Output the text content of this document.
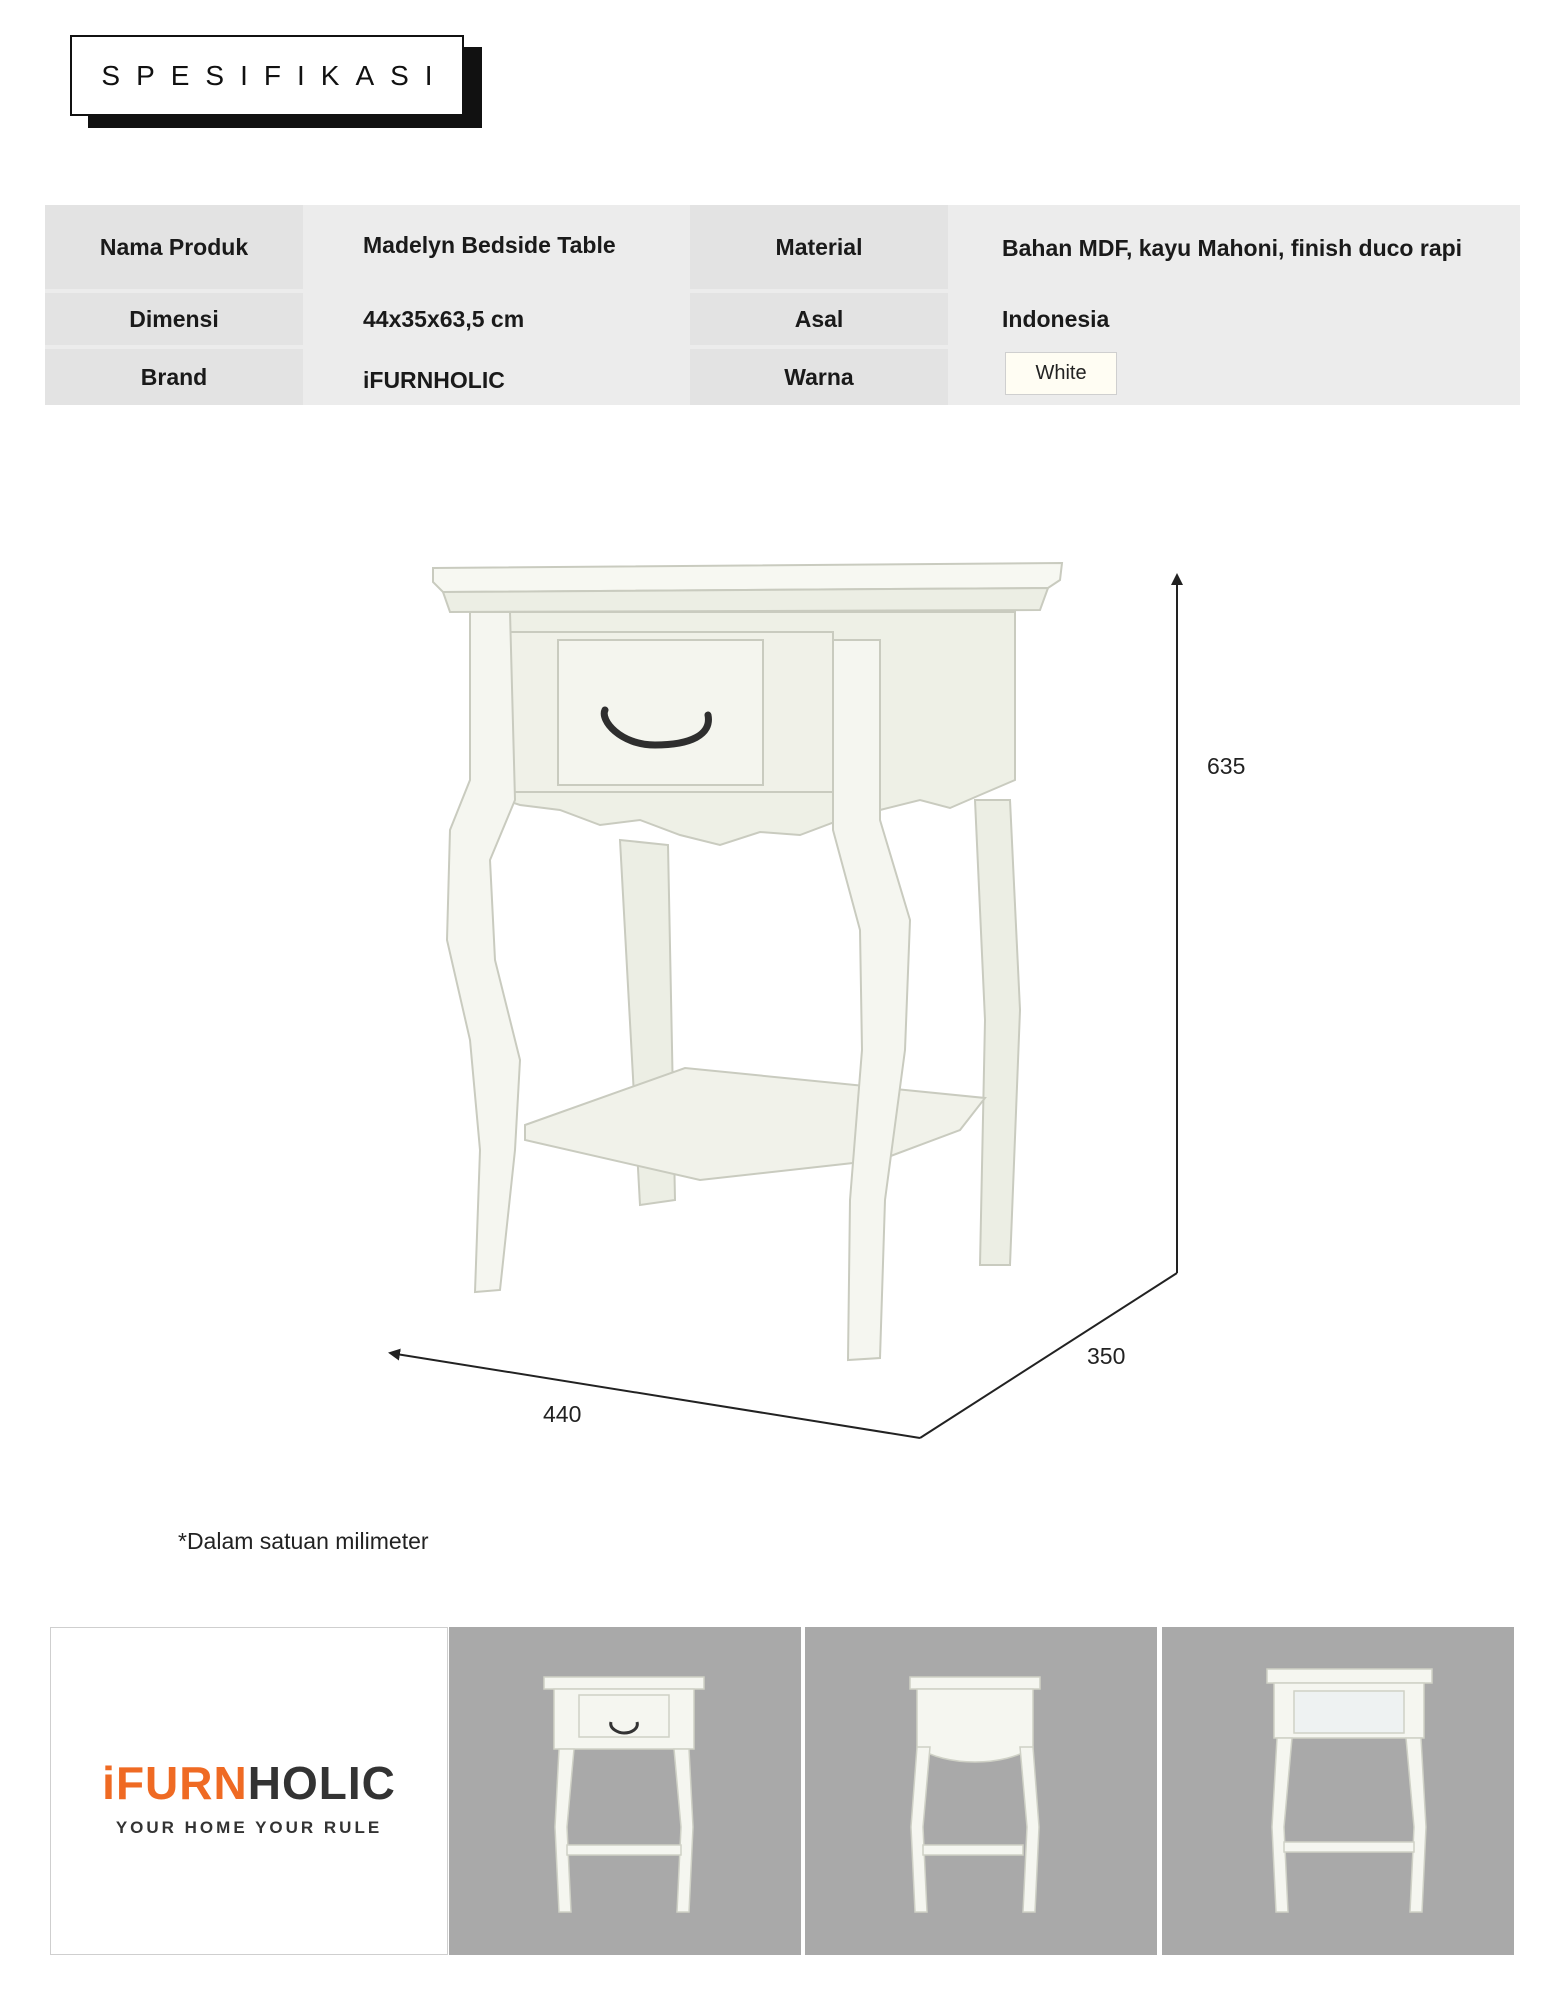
SPESIFIKASI
Nama Produk	Madelyn Bedside Table	Material	Bahan MDF, kayu Mahoni, finish duco rapi
Dimensi	44x35x63,5 cm	Asal	Indonesia
Brand	iFURNHOLIC	Warna	White
635
350
440
*Dalam satuan milimeter
iFURNHOLIC
YOUR HOME YOUR RULE
